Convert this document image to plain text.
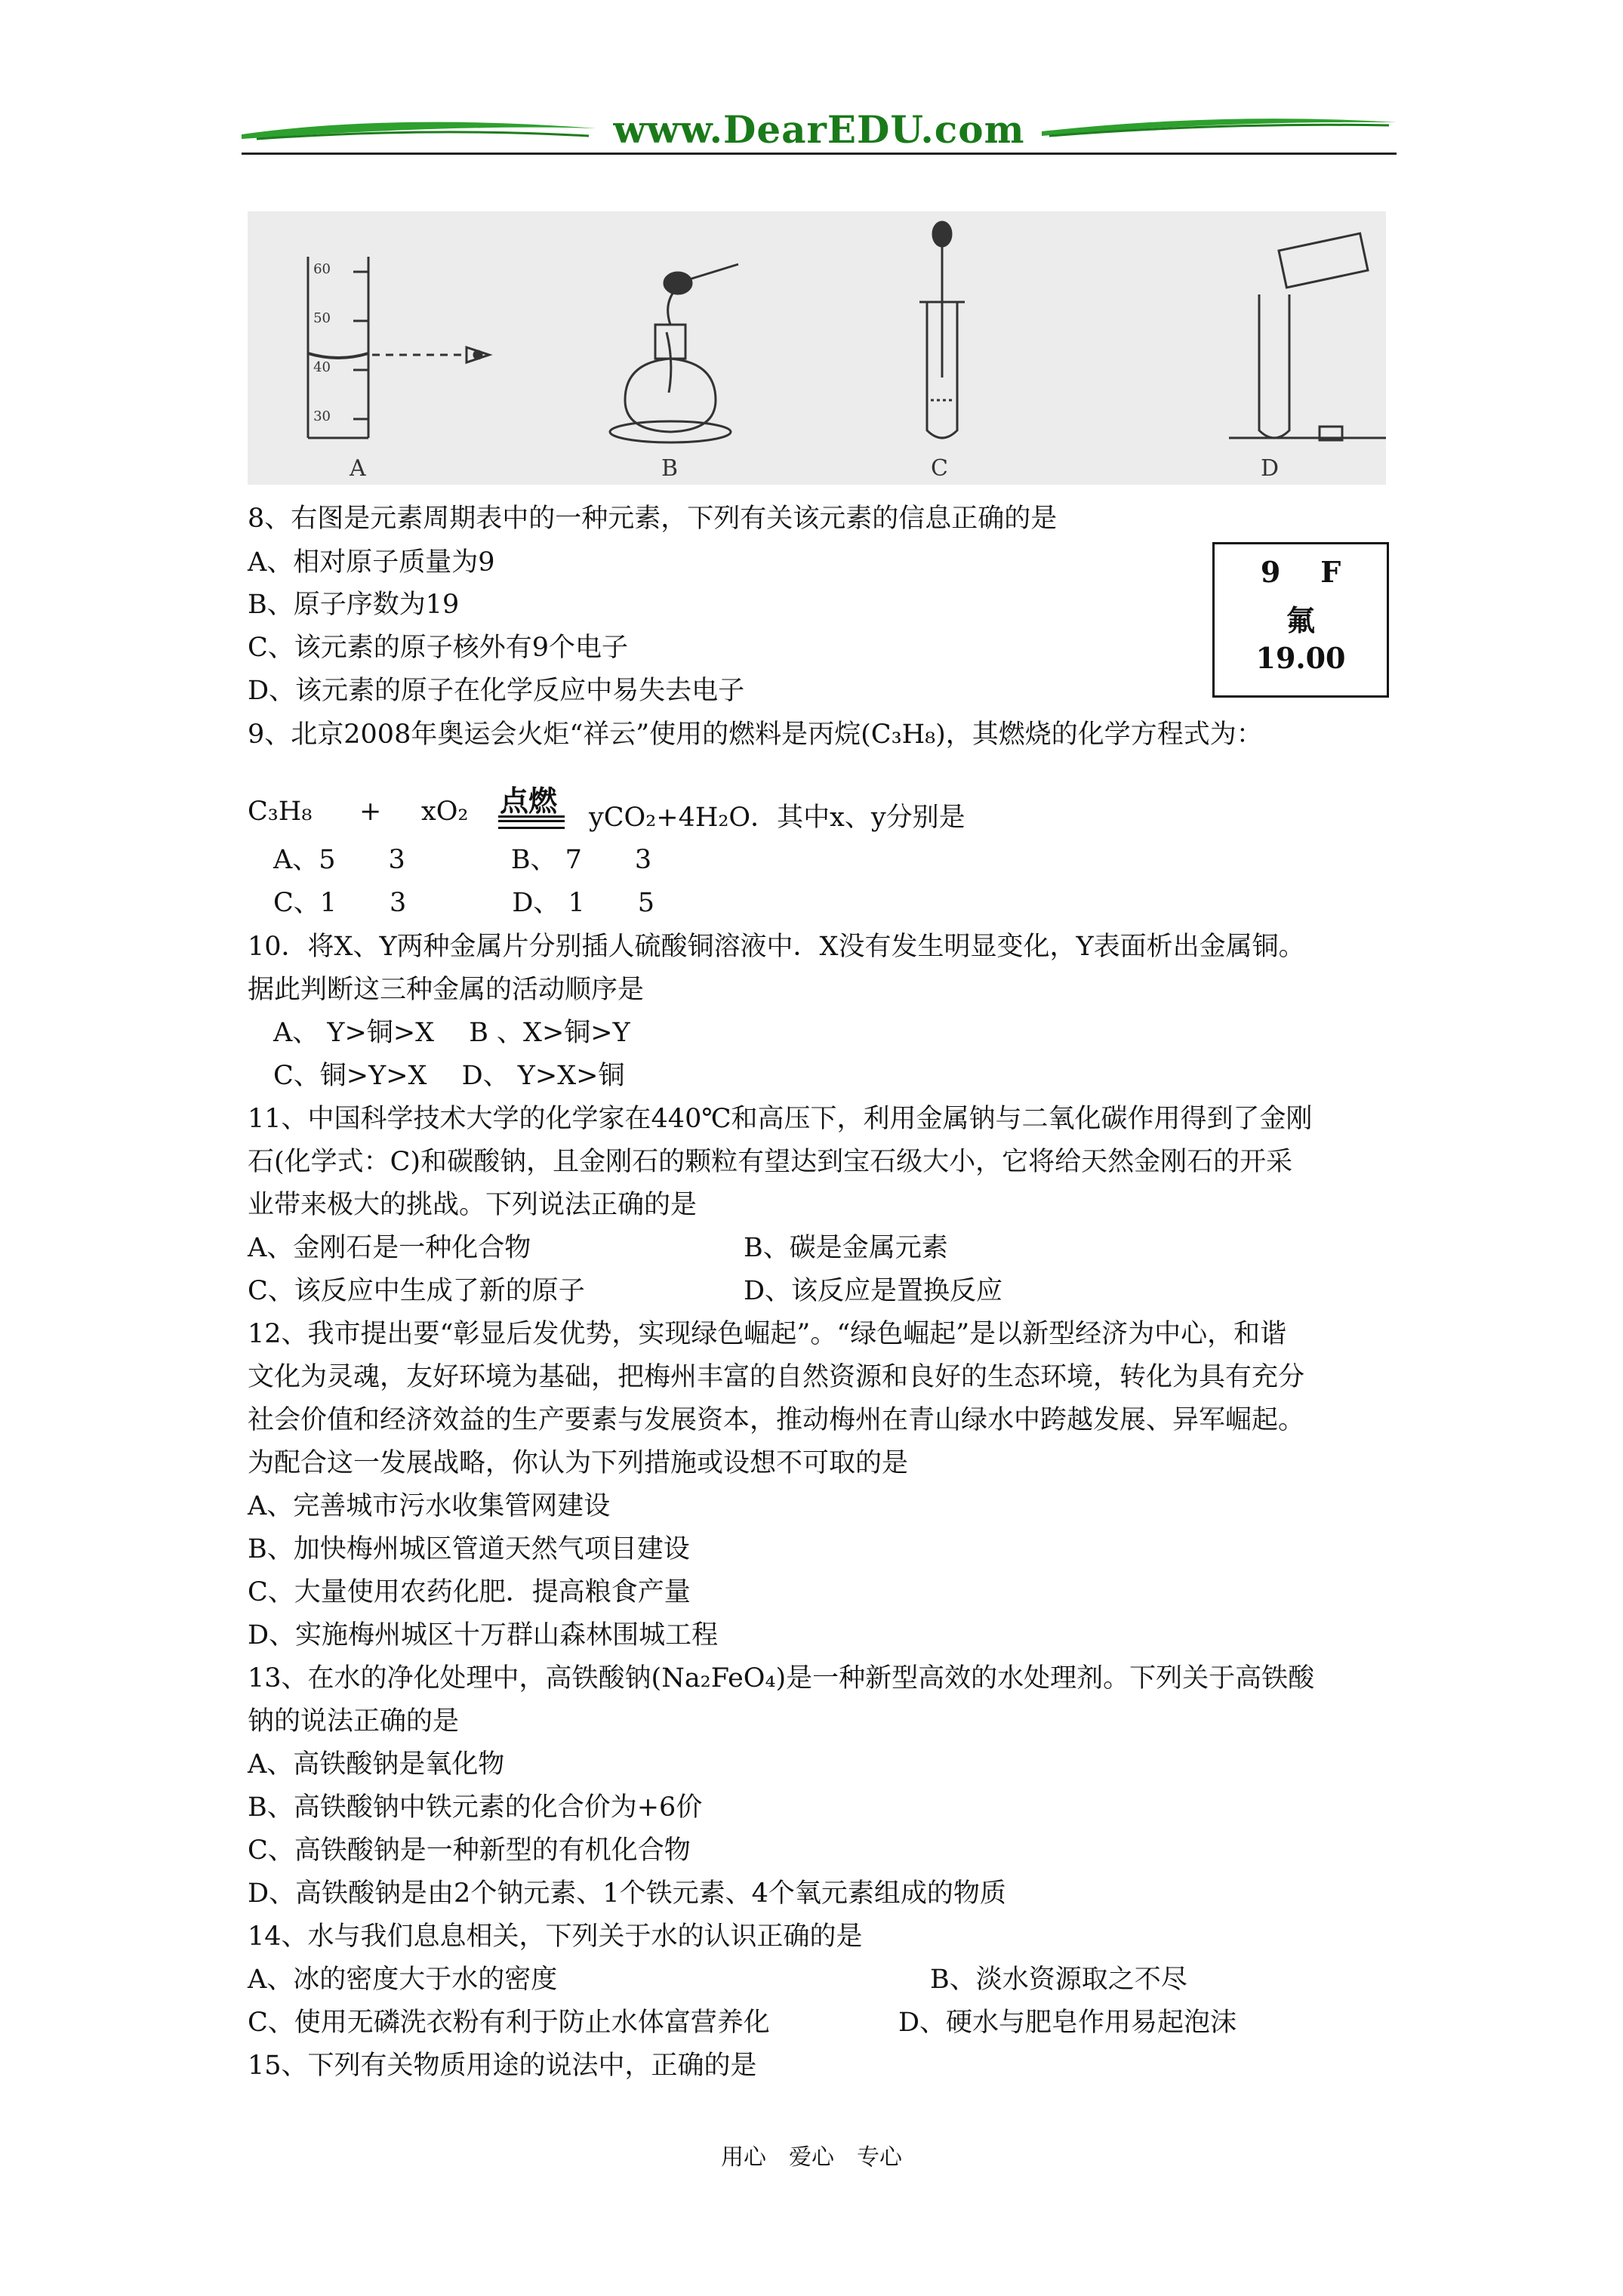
www.DearEDU.com
60
50
40
30
A	B	C	D
8、右图是元素周期表中的一种元素，下列有关该元素的信息正确的是
A、相对原子质量为9
B、原子序数为19
C、该元素的原子核外有9个电子
D、该元素的原子在化学反应中易失去电子
9 F
氟
19.00
9、北京2008年奥运会火炬“祥云”使用的燃料是丙烷(C₃H₈)，其燃烧的化学方程式为：
C₃H₈ + xO₂	yCO₂+4H₂O．其中x、y分别是
点燃
A、5　　3　　　　B、 7　　3
C、1　　3　　　　D、 1　　5
10．将X、Y两种金属片分别插人硫酸铜溶液中．X没有发生明显变化，Y表面析出金属铜。
据此判断这三种金属的活动顺序是
A、 Y>铜>X　 B 、X>铜>Y
C、铜>Y>X　 D、 Y>X>铜
11、中国科学技术大学的化学家在440℃和高压下，利用金属钠与二氧化碳作用得到了金刚
石(化学式：C)和碳酸钠，且金刚石的颗粒有望达到宝石级大小，它将给天然金刚石的开采
业带来极大的挑战。下列说法正确的是
A、金刚石是一种化合物	B、碳是金属元素
C、该反应中生成了新的原子	D、该反应是置换反应
12、我市提出要“彰显后发优势，实现绿色崛起”。“绿色崛起”是以新型经济为中心，和谐
文化为灵魂，友好环境为基础，把梅州丰富的自然资源和良好的生态环境，转化为具有充分
社会价值和经济效益的生产要素与发展资本，推动梅州在青山绿水中跨越发展、异军崛起。
为配合这一发展战略，你认为下列措施或设想不可取的是
A、完善城市污水收集管网建设
B、加快梅州城区管道天然气项目建设
C、大量使用农药化肥．提高粮食产量
D、实施梅州城区十万群山森林围城工程
13、在水的净化处理中，高铁酸钠(Na₂FeO₄)是一种新型高效的水处理剂。下列关于高铁酸
钠的说法正确的是
A、高铁酸钠是氧化物
B、高铁酸钠中铁元素的化合价为+6价
C、高铁酸钠是一种新型的有机化合物
D、高铁酸钠是由2个钠元素、1个铁元素、4个氧元素组成的物质
14、水与我们息息相关，下列关于水的认识正确的是
A、冰的密度大于水的密度	B、淡水资源取之不尽
C、使用无磷洗衣粉有利于防止水体富营养化	D、硬水与肥皂作用易起泡沫
15、下列有关物质用途的说法中，正确的是
用心　爱心　专心
